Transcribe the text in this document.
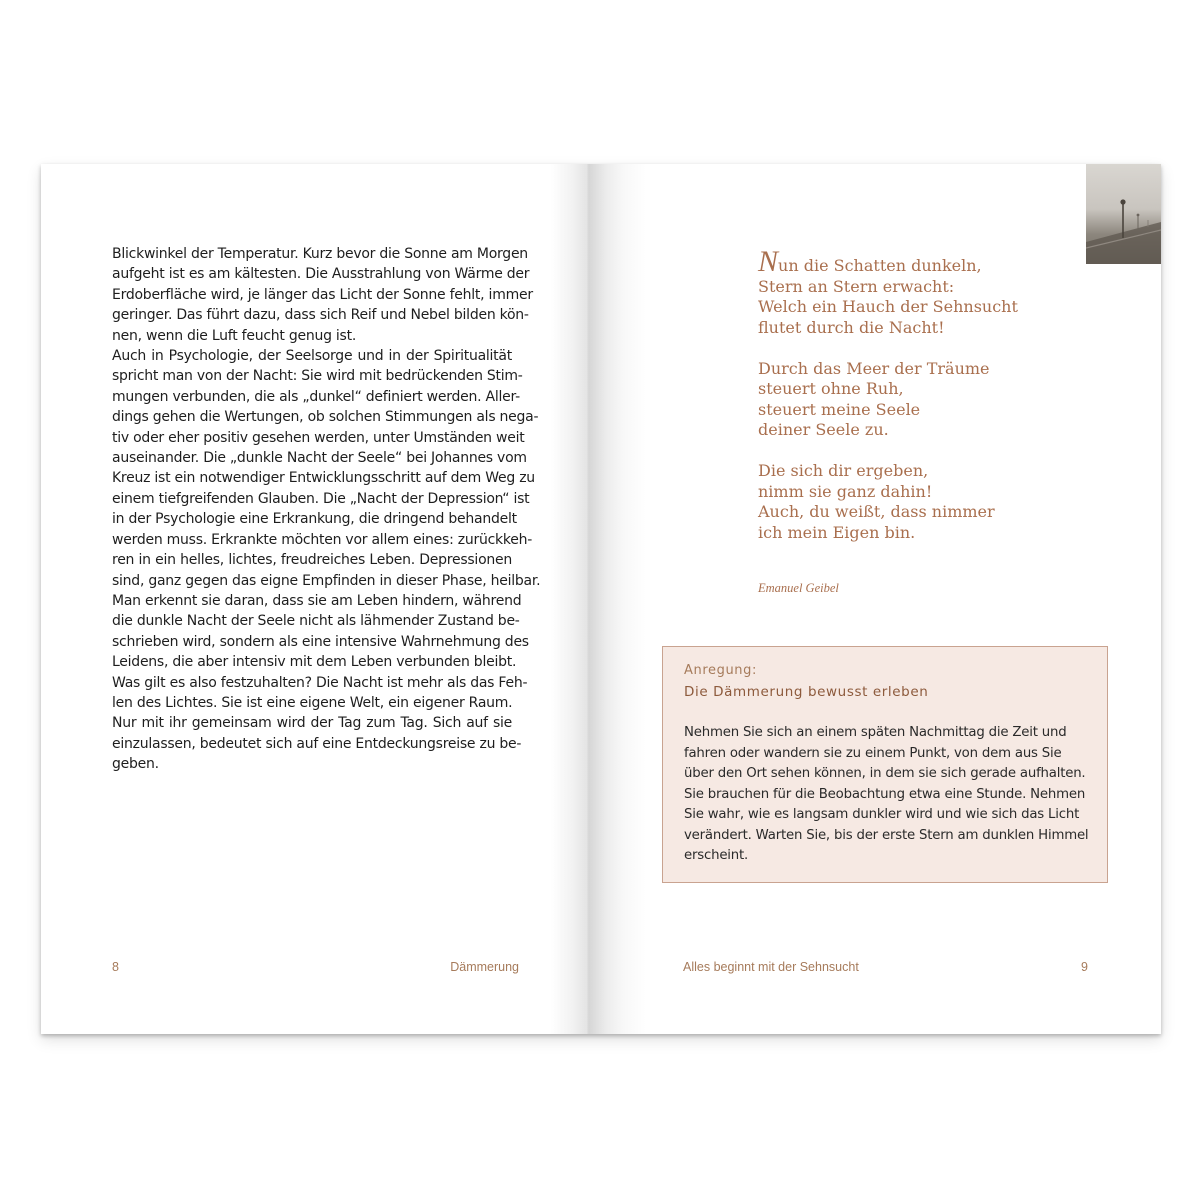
Blickwinkel der Temperatur. Kurz bevor die Sonne am Morgen
aufgeht ist es am kältesten. Die Ausstrahlung von Wärme der
Erdoberfläche wird, je länger das Licht der Sonne fehlt, immer
geringer. Das führt dazu, dass sich Reif und Nebel bilden kön-
nen, wenn die Luft feucht genug ist.
Auch in Psychologie, der Seelsorge und in der Spiritualität
spricht man von der Nacht: Sie wird mit bedrückenden Stim-
mungen verbunden, die als „dunkel“ definiert werden. Aller-
dings gehen die Wertungen, ob solchen Stimmungen als nega-
tiv oder eher positiv gesehen werden, unter Umständen weit
auseinander. Die „dunkle Nacht der Seele“ bei Johannes vom
Kreuz ist ein notwendiger Entwicklungsschritt auf dem Weg zu
einem tiefgreifenden Glauben. Die „Nacht der Depression“ ist
in der Psychologie eine Erkrankung, die dringend behandelt
werden muss. Erkrankte möchten vor allem eines: zurückkeh-
ren in ein helles, lichtes, freudreiches Leben. Depressionen
sind, ganz gegen das eigne Empfinden in dieser Phase, heilbar.
Man erkennt sie daran, dass sie am Leben hindern, während
die dunkle Nacht der Seele nicht als lähmender Zustand be-
schrieben wird, sondern als eine intensive Wahrnehmung des
Leidens, die aber intensiv mit dem Leben verbunden bleibt.
Was gilt es also festzuhalten? Die Nacht ist mehr als das Feh-
len des Lichtes. Sie ist eine eigene Welt, ein eigener Raum.
Nur mit ihr gemeinsam wird der Tag zum Tag. Sich auf sie
einzulassen, bedeutet sich auf eine Entdeckungsreise zu be-
geben.
8	Dämmerung
Nun die Schatten dunkeln,
Stern an Stern erwacht:
Welch ein Hauch der Sehnsucht
flutet durch die Nacht!
Durch das Meer der Träume
steuert ohne Ruh,
steuert meine Seele
deiner Seele zu.
Die sich dir ergeben,
nimm sie ganz dahin!
Auch, du weißt, dass nimmer
ich mein Eigen bin.
Emanuel Geibel
Anregung:
Die Dämmerung bewusst erleben
Nehmen Sie sich an einem späten Nachmittag die Zeit und
fahren oder wandern sie zu einem Punkt, von dem aus Sie
über den Ort sehen können, in dem sie sich gerade aufhalten.
Sie brauchen für die Beobachtung etwa eine Stunde. Nehmen
Sie wahr, wie es langsam dunkler wird und wie sich das Licht
verändert. Warten Sie, bis der erste Stern am dunklen Himmel
erscheint.
Alles beginnt mit der Sehnsucht	9
